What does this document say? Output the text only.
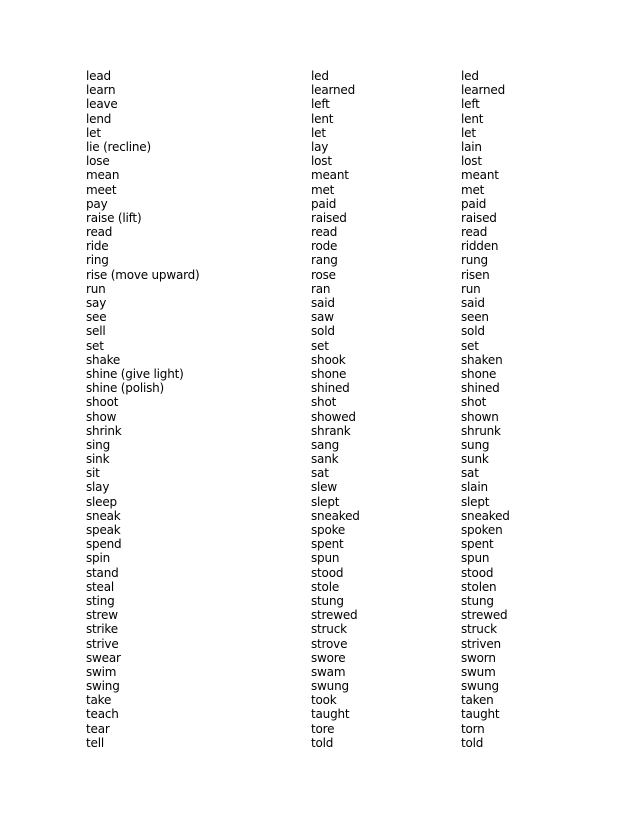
lead	led	led
learn	learned	learned
leave	left	left
lend	lent	lent
let	let	let
lie (recline)	lay	lain
lose	lost	lost
mean	meant	meant
meet	met	met
pay	paid	paid
raise (lift)	raised	raised
read	read	read
ride	rode	ridden
ring	rang	rung
rise (move upward)	rose	risen
run	ran	run
say	said	said
see	saw	seen
sell	sold	sold
set	set	set
shake	shook	shaken
shine (give light)	shone	shone
shine (polish)	shined	shined
shoot	shot	shot
show	showed	shown
shrink	shrank	shrunk
sing	sang	sung
sink	sank	sunk
sit	sat	sat
slay	slew	slain
sleep	slept	slept
sneak	sneaked	sneaked
speak	spoke	spoken
spend	spent	spent
spin	spun	spun
stand	stood	stood
steal	stole	stolen
sting	stung	stung
strew	strewed	strewed
strike	struck	struck
strive	strove	striven
swear	swore	sworn
swim	swam	swum
swing	swung	swung
take	took	taken
teach	taught	taught
tear	tore	torn
tell	told	told
